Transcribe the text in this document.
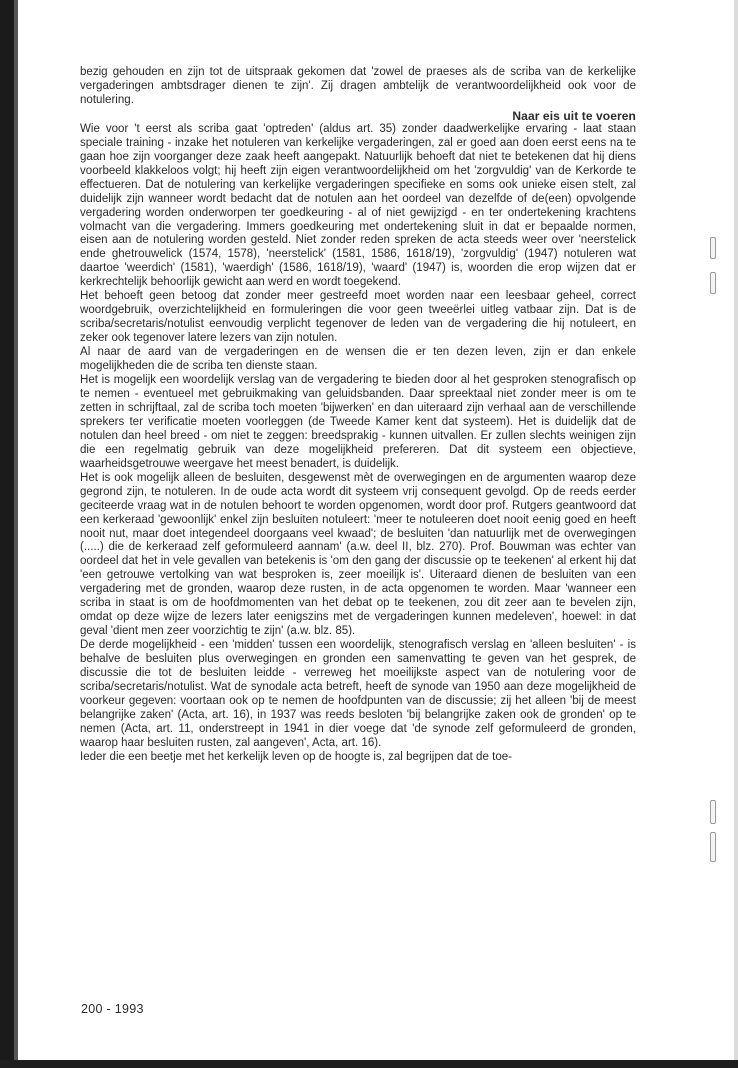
bezig gehouden en zijn tot de uitspraak gekomen dat 'zowel de praeses als de scriba van de kerkelijke vergaderingen ambtsdrager dienen te zijn'. Zij dragen ambtelijk de verantwoordelijkheid ook voor de notulering.

Naar eis uit te voeren

Wie voor 't eerst als scriba gaat 'optreden' (aldus art. 35) zonder daadwerkelijke ervaring - laat staan speciale training - inzake het notuleren van kerkelijke vergaderingen, zal er goed aan doen eerst eens na te gaan hoe zijn voorganger deze zaak heeft aangepakt. Natuurlijk behoeft dat niet te betekenen dat hij diens voorbeeld klakkeloos volgt; hij heeft zijn eigen verantwoordelijkheid om het 'zorgvuldig' van de Kerkorde te effectueren. Dat de notulering van kerkelijke vergaderingen specifieke en soms ook unieke eisen stelt, zal duidelijk zijn wanneer wordt bedacht dat de notulen aan het oordeel van dezelfde of de(een) opvolgende vergadering worden onderworpen ter goedkeuring - al of niet gewijzigd - en ter ondertekening krachtens volmacht van die vergadering. Immers goedkeuring met ondertekening sluit in dat er bepaalde normen, eisen aan de notulering worden gesteld. Niet zonder reden spreken de acta steeds weer over 'neerstelick ende ghetrouwelick (1574, 1578), 'neerstelick' (1581, 1586, 1618/19), 'zorgvuldig' (1947) notuleren wat daartoe 'weerdich' (1581), 'waerdigh' (1586, 1618/19), 'waard' (1947) is, woorden die erop wijzen dat er kerkrechtelijk behoorlijk gewicht aan werd en wordt toegekend.

Het behoeft geen betoog dat zonder meer gestreefd moet worden naar een leesbaar geheel, correct woordgebruik, overzichtelijkheid en formuleringen die voor geen tweeërlei uitleg vatbaar zijn. Dat is de scriba/secretaris/notulist eenvoudig verplicht tegenover de leden van de vergadering die hij notuleert, en zeker ook tegenover latere lezers van zijn notulen.

Al naar de aard van de vergaderingen en de wensen die er ten dezen leven, zijn er dan enkele mogelijkheden die de scriba ten dienste staan.

Het is mogelijk een woordelijk verslag van de vergadering te bieden door al het gesproken stenografisch op te nemen - eventueel met gebruikmaking van geluidsbanden. Daar spreektaal niet zonder meer is om te zetten in schrijftaal, zal de scriba toch moeten 'bijwerken' en dan uiteraard zijn verhaal aan de verschillende sprekers ter verificatie moeten voorleggen (de Tweede Kamer kent dat systeem). Het is duidelijk dat de notulen dan heel breed - om niet te zeggen: breedsprakig - kunnen uitvallen. Er zullen slechts weinigen zijn die een regelmatig gebruik van deze mogelijkheid prefereren. Dat dit systeem een objectieve, waarheidsgetrouwe weergave het meest benadert, is duidelijk.

Het is ook mogelijk alleen de besluiten, desgewenst mèt de overwegingen en de argumenten waarop deze gegrond zijn, te notuleren. In de oude acta wordt dit systeem vrij consequent gevolgd. Op de reeds eerder geciteerde vraag wat in de notulen behoort te worden opgenomen, wordt door prof. Rutgers geantwoord dat een kerkeraad 'gewoonlijk' enkel zijn besluiten notuleert: 'meer te notuleeren doet nooit eenig goed en heeft nooit nut, maar doet integendeel doorgaans veel kwaad'; de besluiten 'dan natuurlijk met de overwegingen (.....) die de kerkeraad zelf geformuleerd aannam' (a.w. deel II, blz. 270). Prof. Bouwman was echter van oordeel dat het in vele gevallen van betekenis is 'om den gang der discussie op te teekenen' al erkent hij dat 'een getrouwe vertolking van wat besproken is, zeer moeilijk is'. Uiteraard dienen de besluiten van een vergadering met de gronden, waarop deze rusten, in de acta opgenomen te worden. Maar 'wanneer een scriba in staat is om de hoofdmomenten van het debat op te teekenen, zou dit zeer aan te bevelen zijn, omdat op deze wijze de lezers later eenigszins met de vergaderingen kunnen medeleven', hoewel: in dat geval 'dient men zeer voorzichtig te zijn' (a.w. blz. 85).

De derde mogelijkheid - een 'midden' tussen een woordelijk, stenografisch verslag en 'alleen besluiten' - is behalve de besluiten plus overwegingen en gronden een samenvatting te geven van het gesprek, de discussie die tot de besluiten leidde - verreweg het moeilijkste aspect van de notulering voor de scriba/secretaris/notulist. Wat de synodale acta betreft, heeft de synode van 1950 aan deze mogelijkheid de voorkeur gegeven: voortaan ook op te nemen de hoofdpunten van de discussie; zij het alleen 'bij de meest belangrijke zaken' (Acta, art. 16), in 1937 was reeds besloten 'bij belangrijke zaken ook de gronden' op te nemen (Acta, art. 11, onderstreept in 1941 in dier voege dat 'de synode zelf geformuleerd de gronden, waarop haar besluiten rusten, zal aangeven', Acta, art. 16).

Ieder die een beetje met het kerkelijk leven op de hoogte is, zal begrijpen dat de toe-

200 - 1993
